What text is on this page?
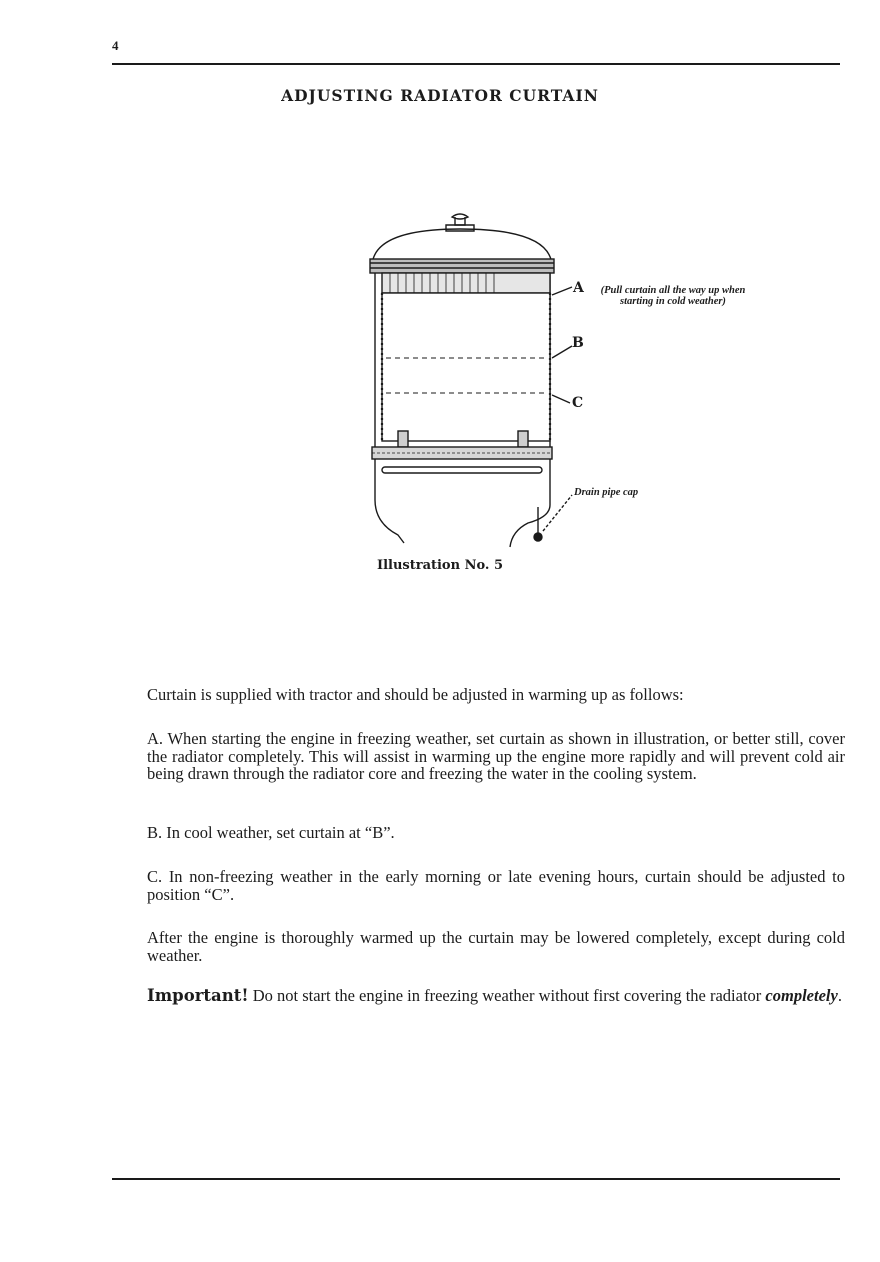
4
ADJUSTING RADIATOR CURTAIN
A	(Pull curtain all the way up when starting in cold weather)
B
C
Drain pipe cap
Illustration No. 5
Curtain is supplied with tractor and should be adjusted in warming up as follows:
A. When starting the engine in freezing weather, set curtain as shown in illustration, or better still, cover the radiator completely. This will assist in warming up the engine more rapidly and will prevent cold air being drawn through the radiator core and freezing the water in the cooling system.
B. In cool weather, set curtain at “B”.
C. In non-freezing weather in the early morning or late evening hours, curtain should be adjusted to position “C”.
After the engine is thoroughly warmed up the curtain may be lowered completely, except during cold weather.
Important! Do not start the engine in freezing weather without first covering the radiator completely.
